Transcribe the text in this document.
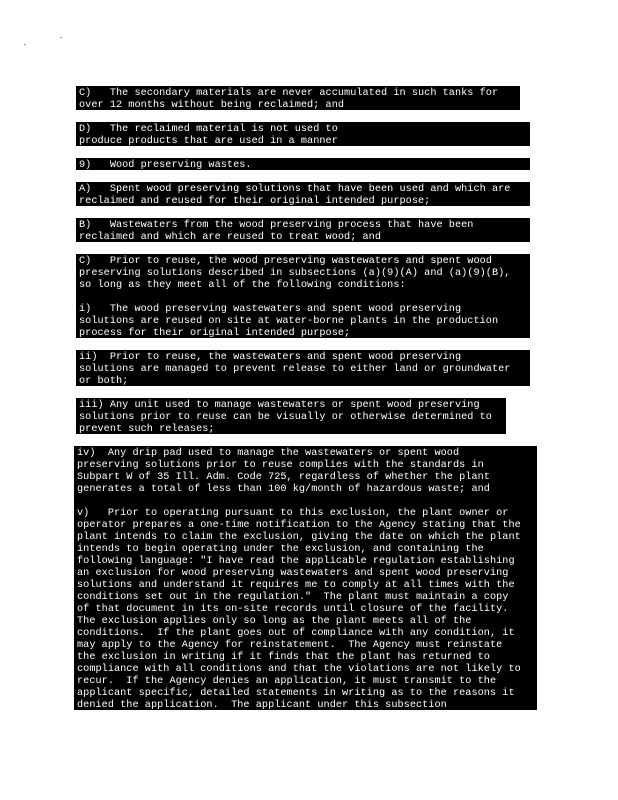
C)   The secondary materials are never accumulated in such tanks for
over 12 months without being reclaimed; and
D)   The reclaimed material is not used to
produce products that are used in a manner
9)   Wood preserving wastes.
A)   Spent wood preserving solutions that have been used and which are
reclaimed and reused for their original intended purpose;
B)   Wastewaters from the wood preserving process that have been
reclaimed and which are reused to treat wood; and
C)   Prior to reuse, the wood preserving wastewaters and spent wood
preserving solutions described in subsections (a)(9)(A) and (a)(9)(B),
so long as they meet all of the following conditions:

i)   The wood preserving wastewaters and spent wood preserving
solutions are reused on site at water-borne plants in the production
process for their original intended purpose;
ii)  Prior to reuse, the wastewaters and spent wood preserving
solutions are managed to prevent release to either land or groundwater
or both;
iii) Any unit used to manage wastewaters or spent wood preserving
solutions prior to reuse can be visually or otherwise determined to
prevent such releases;
iv)  Any drip pad used to manage the wastewaters or spent wood
preserving solutions prior to reuse complies with the standards in
Subpart W of 35 Ill. Adm. Code 725, regardless of whether the plant
generates a total of less than 100 kg/month of hazardous waste; and

v)   Prior to operating pursuant to this exclusion, the plant owner or
operator prepares a one-time notification to the Agency stating that the
plant intends to claim the exclusion, giving the date on which the plant
intends to begin operating under the exclusion, and containing the
following language: "I have read the applicable regulation establishing
an exclusion for wood preserving wastewaters and spent wood preserving
solutions and understand it requires me to comply at all times with the
conditions set out in the regulation."  The plant must maintain a copy
of that document in its on-site records until closure of the facility.
The exclusion applies only so long as the plant meets all of the
conditions.  If the plant goes out of compliance with any condition, it
may apply to the Agency for reinstatement.  The Agency must reinstate
the exclusion in writing if it finds that the plant has returned to
compliance with all conditions and that the violations are not likely to
recur.  If the Agency denies an application, it must transmit to the
applicant specific, detailed statements in writing as to the reasons it
denied the application.  The applicant under this subsection
